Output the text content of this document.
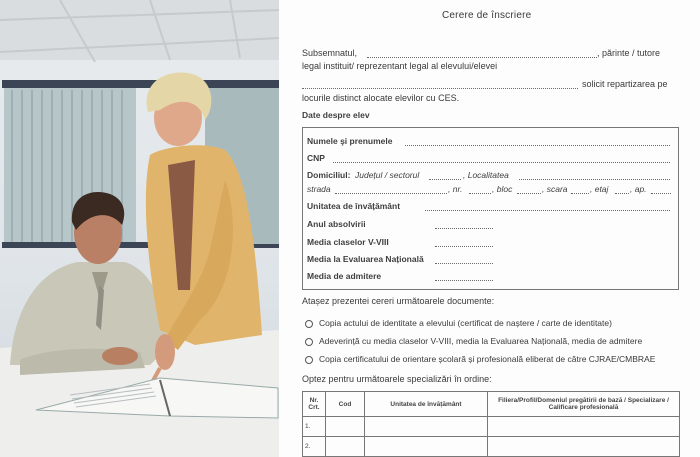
Cerere de înscriere
Subsemnatul,	, părinte / tutore
legal instituit/ reprezentant legal al elevului/elevei
solicit repartizarea pe
locurile distinct alocate elevilor cu CES.
Date despre elev
Numele şi prenumele
CNP
Domiciliul: Județul / sectorul	, Localitatea
strada	, nr.	, bloc	, scara	, etaj	, ap.
Unitatea de învățământ
Anul absolvirii
Media claselor V-VIII
Media la Evaluarea Națională
Media de admitere
Atașez prezentei cereri următoarele documente:
Copia actului de identitate a elevului (certificat de naștere / carte de identitate)
Adeverință cu media claselor V-VIII, media la Evaluarea Națională, media de admitere
Copia certificatului de orientare școlară și profesională eliberat de către CJRAE/CMBRAE
Optez pentru următoarele specializări în ordine:
Nr. Crt.	Cod	Unitatea de învățământ	Filiera/Profil/Domeniul pregătirii de bază / Specializare / Calificare profesională
1.			
2.			
